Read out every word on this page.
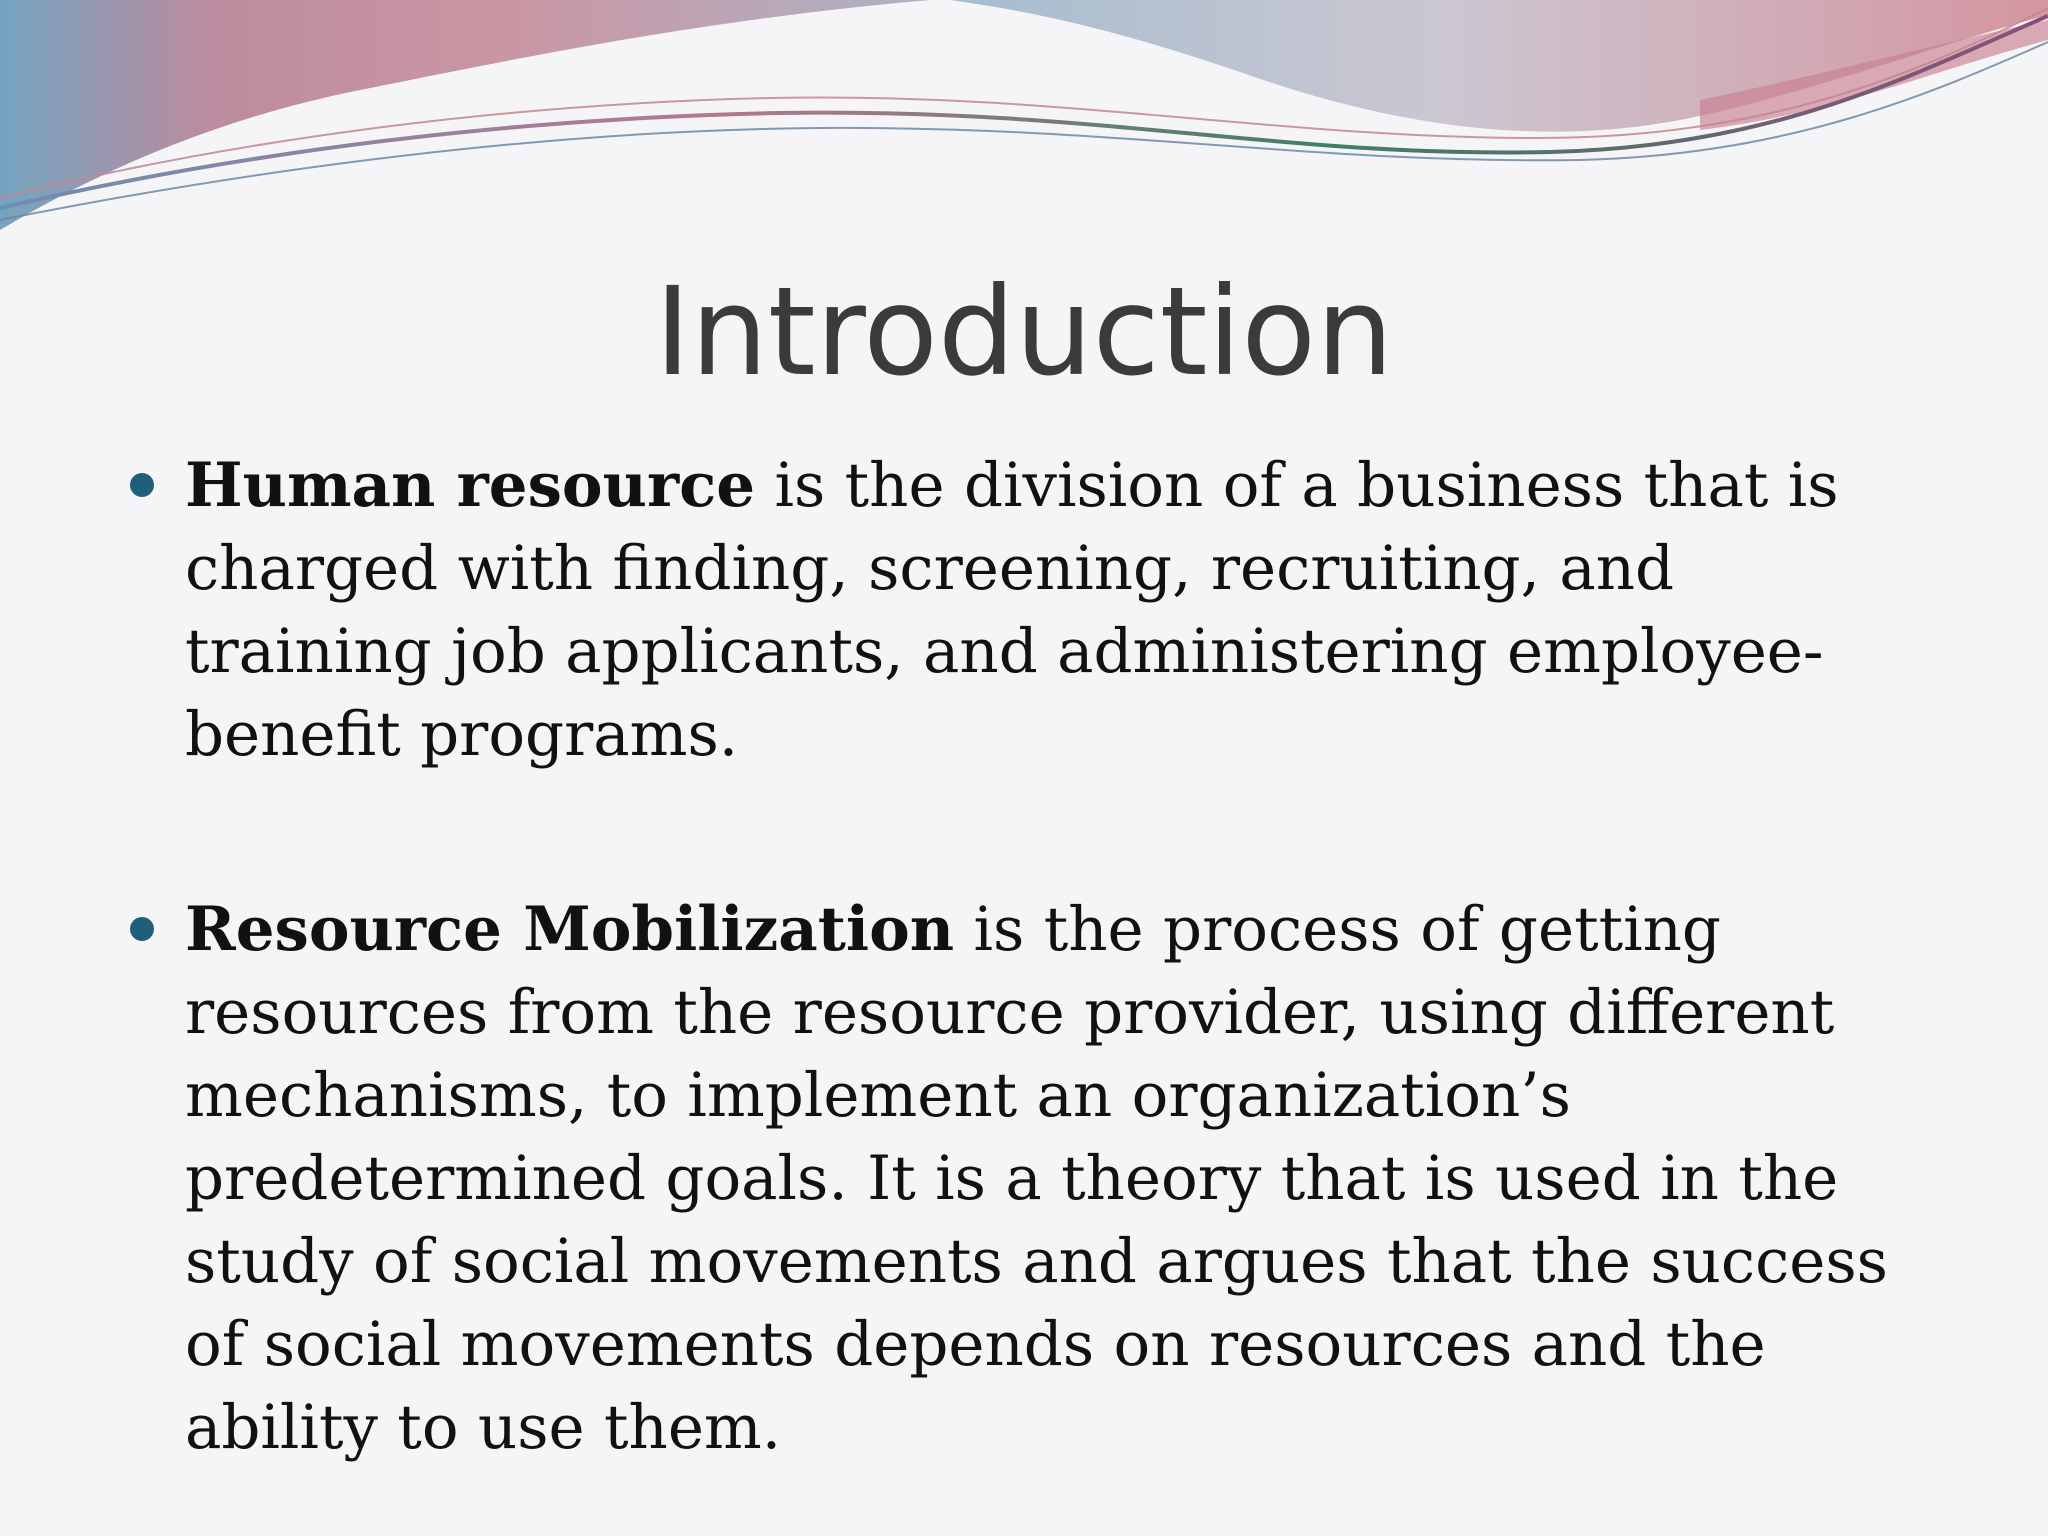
Introduction
Human resource is the division of a business that is charged with finding, screening, recruiting, and training job applicants, and administering employee-benefit programs.
Resource Mobilization is the process of getting resources from the resource provider, using different mechanisms, to implement an organization’s predetermined goals. It is a theory that is used in the study of social movements and argues that the success of social movements depends on resources and the ability to use them.
